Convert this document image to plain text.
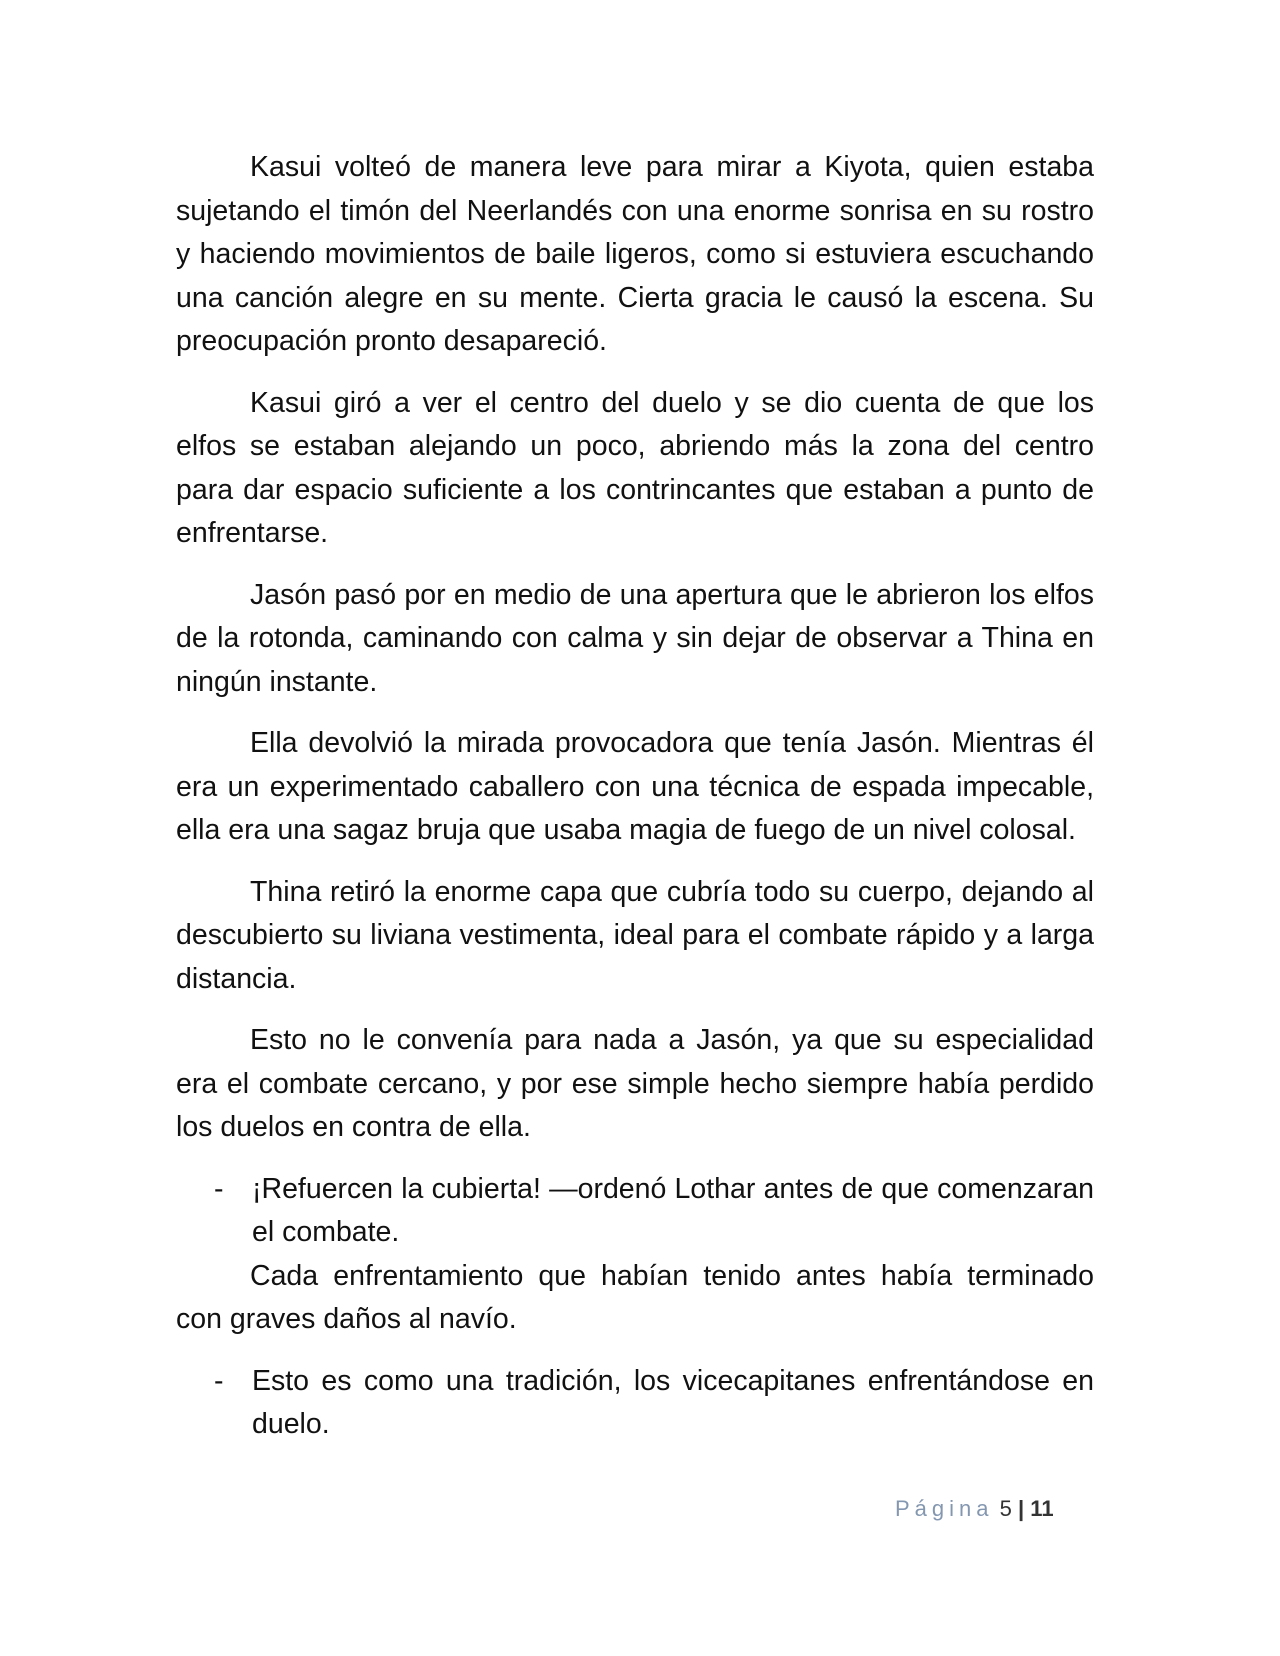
Kasui volteó de manera leve para mirar a Kiyota, quien estaba sujetando el timón del Neerlandés con una enorme sonrisa en su rostro y haciendo movimientos de baile ligeros, como si estuviera escuchando una canción alegre en su mente. Cierta gracia le causó la escena. Su preocupación pronto desapareció.

Kasui giró a ver el centro del duelo y se dio cuenta de que los elfos se estaban alejando un poco, abriendo más la zona del centro para dar espacio suficiente a los contrincantes que estaban a punto de enfrentarse.

Jasón pasó por en medio de una apertura que le abrieron los elfos de la rotonda, caminando con calma y sin dejar de observar a Thina en ningún instante.

Ella devolvió la mirada provocadora que tenía Jasón. Mientras él era un experimentado caballero con una técnica de espada impecable, ella era una sagaz bruja que usaba magia de fuego de un nivel colosal.

Thina retiró la enorme capa que cubría todo su cuerpo, dejando al descubierto su liviana vestimenta, ideal para el combate rápido y a larga distancia.

Esto no le convenía para nada a Jasón, ya que su especialidad era el combate cercano, y por ese simple hecho siempre había perdido los duelos en contra de ella.

- ¡Refuercen la cubierta! —ordenó Lothar antes de que comenzaran el combate.

Cada enfrentamiento que habían tenido antes había terminado con graves daños al navío.

- Esto es como una tradición, los vicecapitanes enfrentándose en duelo.
Página 5 | 11
